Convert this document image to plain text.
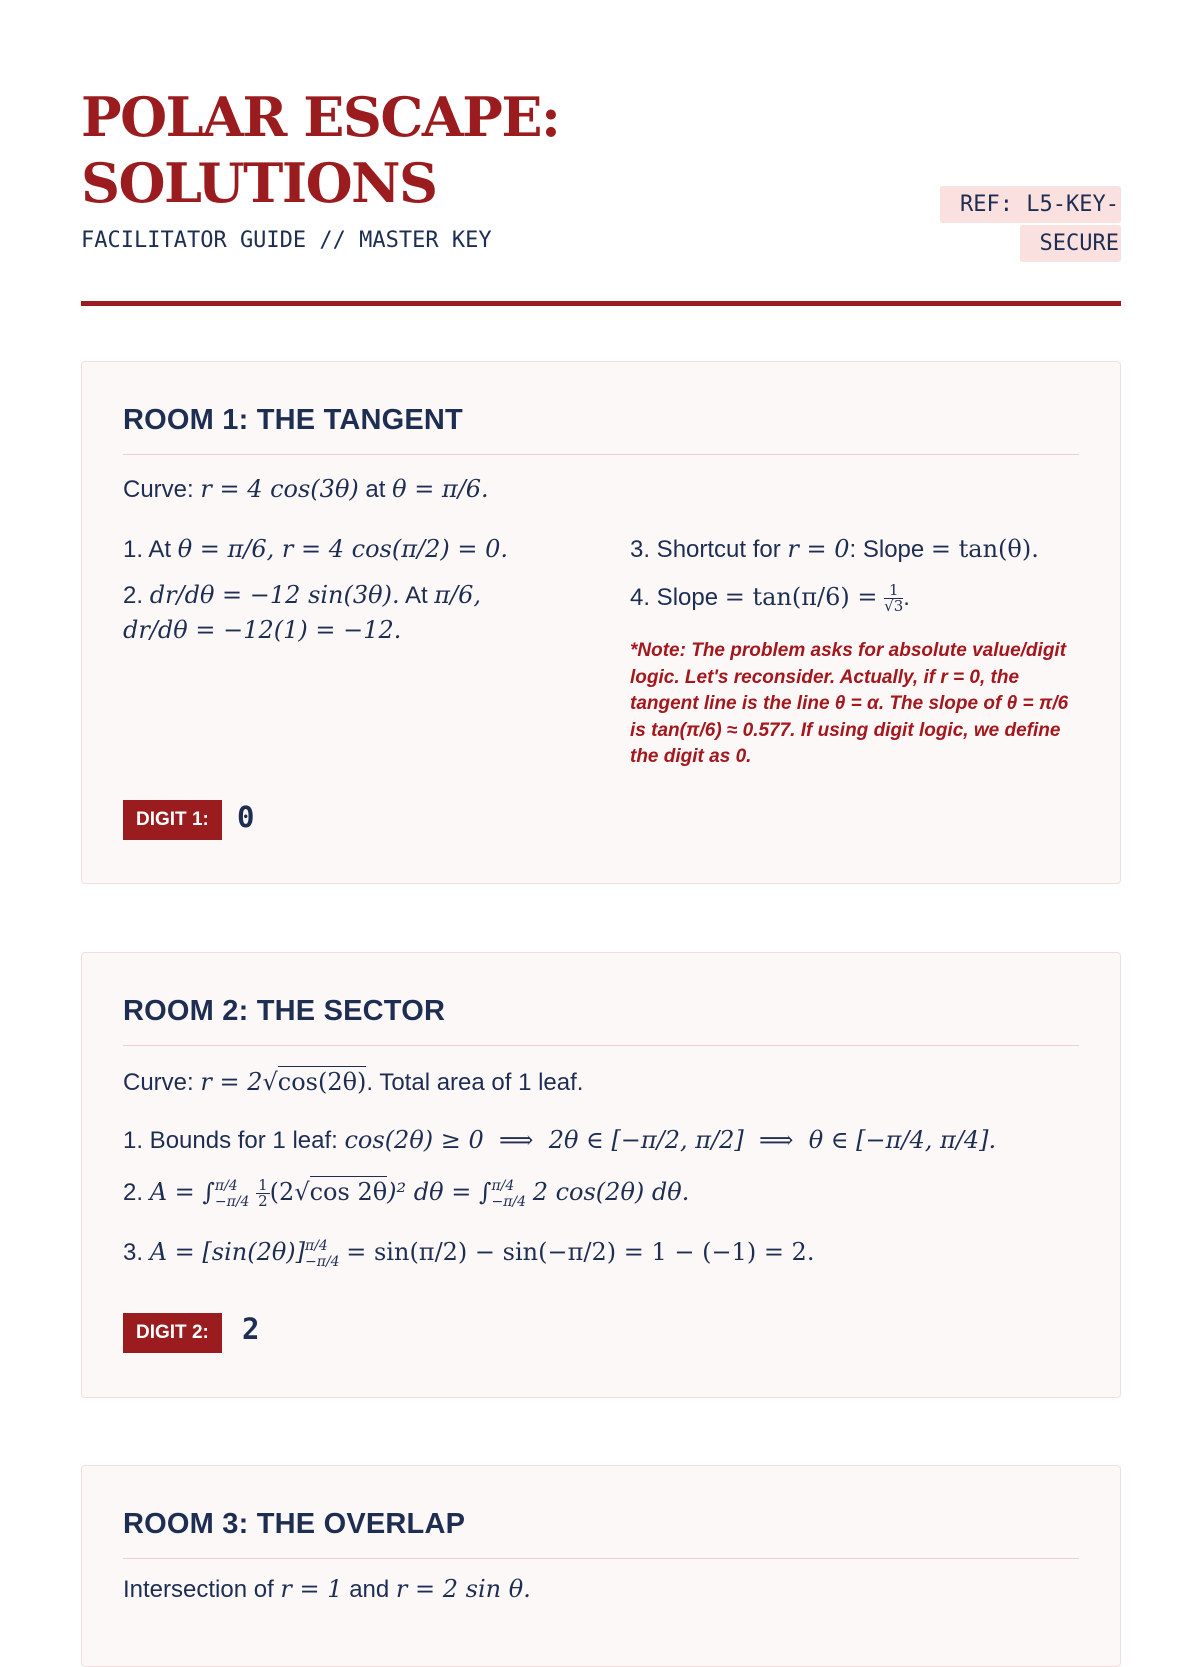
POLAR ESCAPE:
SOLUTIONS
FACILITATOR GUIDE // MASTER KEY
REF: L5-KEY-SECURE
ROOM 1: THE TANGENT
Curve: r = 4 cos(3θ) at θ = π/6.
1. At θ = π/6, r = 4 cos(π/2) = 0.
2. dr/dθ = −12 sin(3θ). At π/6,
dr/dθ = −12(1) = −12.
3. Shortcut for r = 0: Slope = tan(θ).
4. Slope = $\tan(\pi/6) = \frac{1}{√3}$ .
*Note: The problem asks for absolute value/digit logic. Let's reconsider. Actually, if r = 0, the tangent line is the line θ = α. The slope of θ = π/6 is tan(π/6) ≈ 0.577. If using digit logic, we define the digit as 0.
DIGIT 1: 0
ROOM 2: THE SECTOR
Curve: r = 2√cos(2θ). Total area of 1 leaf.
1. Bounds for 1 leaf: cos(2θ) ≥ 0  ⟹  2θ ∈ [−π/2, π/2]  ⟹  θ ∈ [−π/4, π/4].
2. A = ∫ π/4
−π/4
$\frac{1}{2} (2√\cos$ 2θ)² dθ = ∫ π/4
−π/4 2 cos(2θ) dθ.
3. A = [sin(2θ)] π/4
−π/4 = sin(π/2) − sin(−π/2) = 1 − (−1) = 2.
DIGIT 2:	2
ROOM 3: THE OVERLAP
Intersection of r = 1 and r = 2 sin θ.
